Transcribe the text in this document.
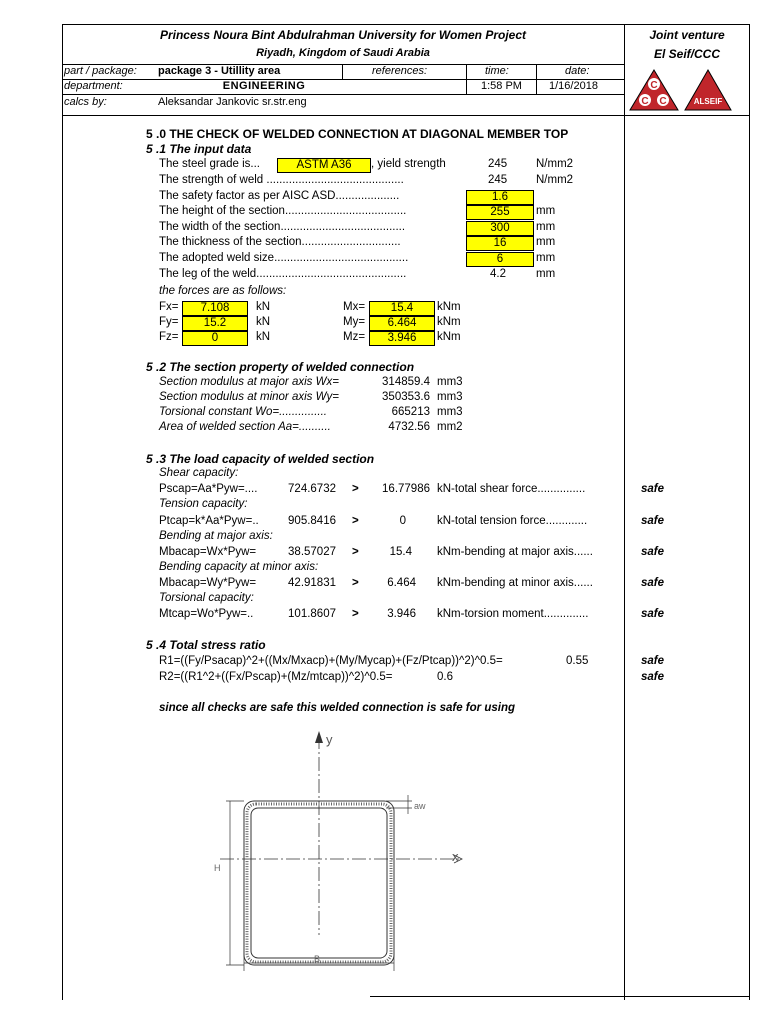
Princess Noura Bint Abdulrahman University for Women Project
Riyadh, Kingdom of Saudi Arabia
Joint venture
El Seif/CCC
part / package: package 3 - Utillity area	references:	time:	date:
department:	ENGINEERING	1:58 PM 1/16/2018
calcs by:	Aleksandar Jankovic sr.str.eng
C
C C	ALSEIF
5 .0 THE CHECK OF WELDED CONNECTION AT DIAGONAL MEMBER TOP
5 .1 The input data
The steel grade is...	ASTM A36	, yield strength	245	N/mm2
The strength of weld ...........................................	245	N/mm2
The safety factor as per AISC ASD....................	1.6
The height of the section......................................	255	mm
The width of the section.......................................	300	mm
The thickness of the section...............................	16	mm
The adopted weld size..........................................	6	mm
The leg of the weld...............................................	4.2	mm
the forces are as follows:
Fx=	7.108	kN	Mx=	15.4	kNm
Fy=	15.2	kN	My=	6.464	kNm
Fz=	0	kN	Mz=	3.946	kNm
5 .2 The section property of welded connection
Section modulus at major axis Wx=	314859.4 mm3
Section modulus at minor axis Wy=	350353.6 mm3
Torsional constant Wo=...............	665213 mm3
Area of welded section Aa=..........	4732.56 mm2
5 .3 The load capacity of welded section
Shear capacity:
Pscap=Aa*Pyw=....	724.6732 >	16.77986 kN-total shear force...............	safe
Tension capacity:
Ptcap=k*Aa*Pyw=..	905.8416 >	0	kN-total tension force.............	safe
Bending at major axis:
Mbacap=Wx*Pyw=	38.57027 >	15.4 kNm-bending at major axis......	safe
Bending capacity at minor axis:
Mbacap=Wy*Pyw=	42.91831 >	6.464 kNm-bending at minor axis......	safe
Torsional capacity:
Mtcap=Wo*Pyw=..	101.8607 >	3.946 kNm-torsion moment..............	safe
5 .4 Total stress ratio
R1=((Fy/Psacap)^2+((Mx/Mxacp)+(My/Mycap)+(Fz/Ptcap))^2)^0.5=	0.55	safe
R2=((R1^2+((Fx/Pscap)+(Mz/mtcap))^2)^0.5=	0.6	safe
since all checks are safe this welded connection is safe for using
y
x
aw
H
B
